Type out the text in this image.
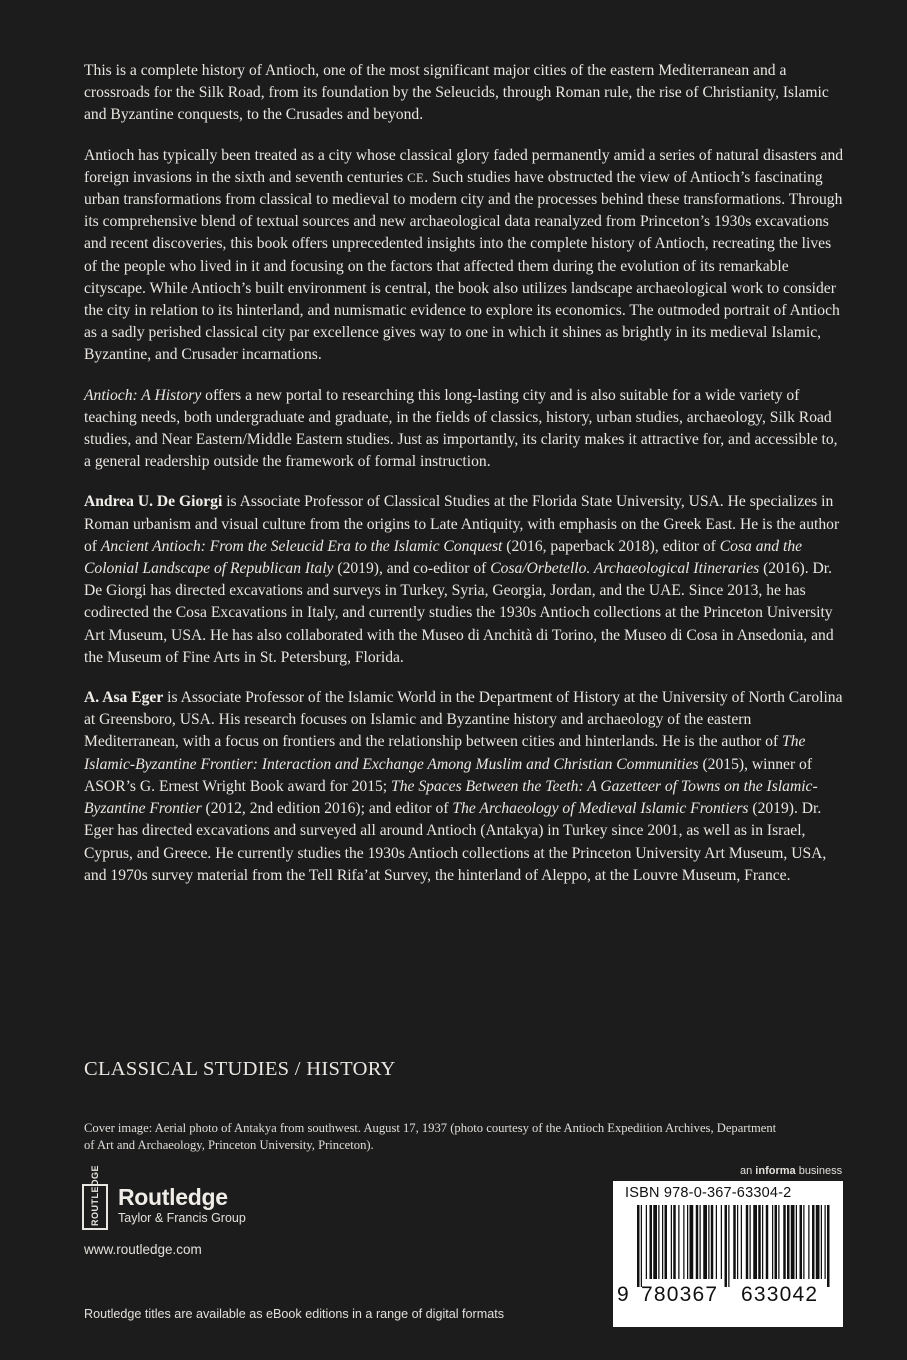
This is a complete history of Antioch, one of the most significant major cities of the eastern Mediterranean and a crossroads for the Silk Road, from its foundation by the Seleucids, through Roman rule, the rise of Christianity, Islamic and Byzantine conquests, to the Crusades and beyond.

Antioch has typically been treated as a city whose classical glory faded permanently amid a series of natural disasters and foreign invasions in the sixth and seventh centuries CE. Such studies have obstructed the view of Antioch’s fascinating urban transformations from classical to medieval to modern city and the processes behind these transformations. Through its comprehensive blend of textual sources and new archaeological data reanalyzed from Princeton’s 1930s excavations and recent discoveries, this book offers unprecedented insights into the complete history of Antioch, recreating the lives of the people who lived in it and focusing on the factors that affected them during the evolution of its remarkable cityscape. While Antioch’s built environment is central, the book also utilizes landscape archaeological work to consider the city in relation to its hinterland, and numismatic evidence to explore its economics. The outmoded portrait of Antioch as a sadly perished classical city par excellence gives way to one in which it shines as brightly in its medieval Islamic, Byzantine, and Crusader incarnations.

Antioch: A History offers a new portal to researching this long-lasting city and is also suitable for a wide variety of teaching needs, both undergraduate and graduate, in the fields of classics, history, urban studies, archaeology, Silk Road studies, and Near Eastern/Middle Eastern studies. Just as importantly, its clarity makes it attractive for, and accessible to, a general readership outside the framework of formal instruction.

Andrea U. De Giorgi is Associate Professor of Classical Studies at the Florida State University, USA. He specializes in Roman urbanism and visual culture from the origins to Late Antiquity, with emphasis on the Greek East. He is the author of Ancient Antioch: From the Seleucid Era to the Islamic Conquest (2016, paperback 2018), editor of Cosa and the Colonial Landscape of Republican Italy (2019), and co-editor of Cosa/Orbetello. Archaeological Itineraries (2016). Dr. De Giorgi has directed excavations and surveys in Turkey, Syria, Georgia, Jordan, and the UAE. Since 2013, he has codirected the Cosa Excavations in Italy, and currently studies the 1930s Antioch collections at the Princeton University Art Museum, USA. He has also collaborated with the Museo di Anchità di Torino, the Museo di Cosa in Ansedonia, and the Museum of Fine Arts in St. Petersburg, Florida.

A. Asa Eger is Associate Professor of the Islamic World in the Department of History at the University of North Carolina at Greensboro, USA. His research focuses on Islamic and Byzantine history and archaeology of the eastern Mediterranean, with a focus on frontiers and the relationship between cities and hinterlands. He is the author of The Islamic-Byzantine Frontier: Interaction and Exchange Among Muslim and Christian Communities (2015), winner of ASOR’s G. Ernest Wright Book award for 2015; The Spaces Between the Teeth: A Gazetteer of Towns on the Islamic-Byzantine Frontier (2012, 2nd edition 2016); and editor of The Archaeology of Medieval Islamic Frontiers (2019). Dr. Eger has directed excavations and surveyed all around Antioch (Antakya) in Turkey since 2001, as well as in Israel, Cyprus, and Greece. He currently studies the 1930s Antioch collections at the Princeton University Art Museum, USA, and 1970s survey material from the Tell Rifa’at Survey, the hinterland of Aleppo, at the Louvre Museum, France.

CLASSICAL STUDIES / HISTORY
Cover image: Aerial photo of Antakya from southwest. August 17, 1937 (photo courtesy of the Antioch Expedition Archives, Department of Art and Archaeology, Princeton University, Princeton).
ROUTLEDGE Routledge
Taylor & Francis Group
www.routledge.com
Routledge titles are available as eBook editions in a range of digital formats
an informa business
ISBN 978-0-367-63304-2
9 780367 633042
